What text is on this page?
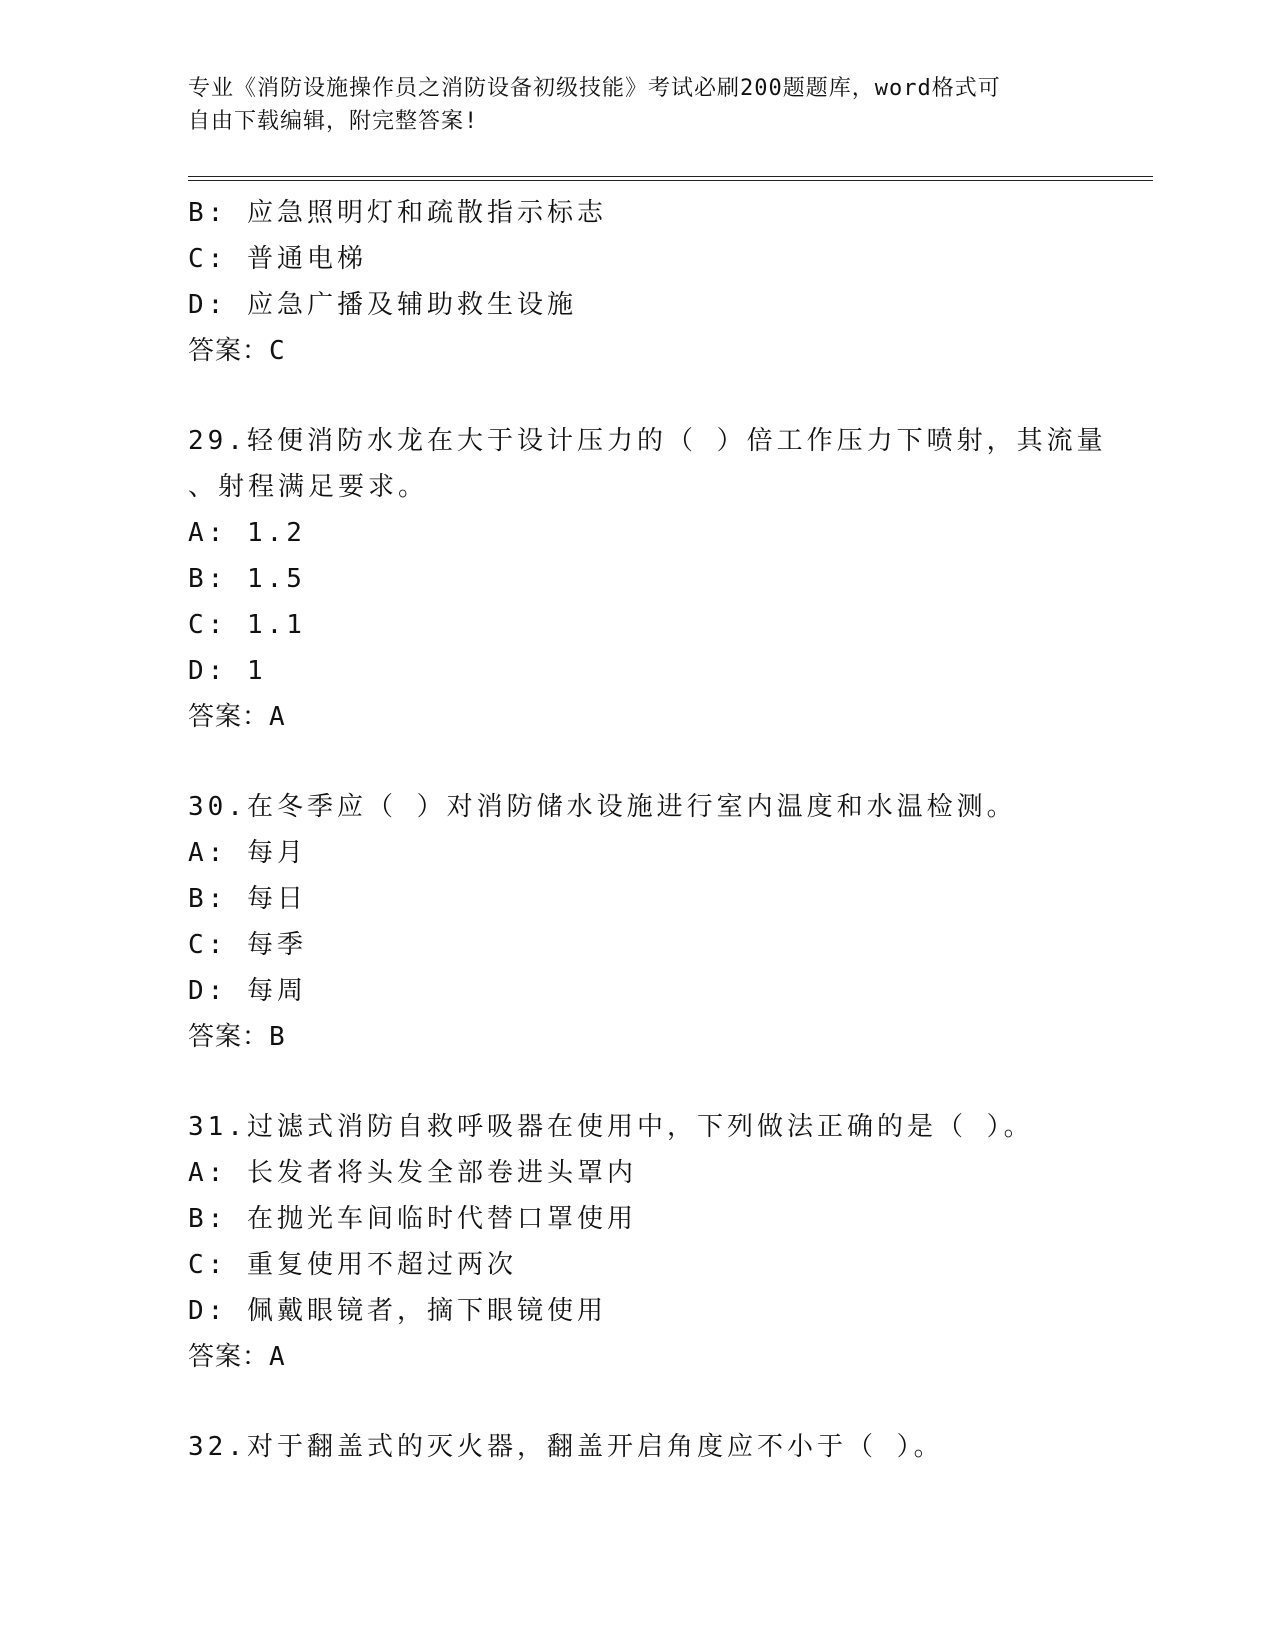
专业《消防设施操作员之消防设备初级技能》考试必刷200题题库，word格式可
自由下载编辑，附完整答案!
B: 应急照明灯和疏散指示标志
C: 普通电梯
D: 应急广播及辅助救生设施
答案：C
29.轻便消防水龙在大于设计压力的（ ）倍工作压力下喷射，其流量
、射程满足要求。
A: 1.2
B: 1.5
C: 1.1
D: 1
答案：A
30.在冬季应（ ）对消防储水设施进行室内温度和水温检测。
A: 每月
B: 每日
C: 每季
D: 每周
答案：B
31.过滤式消防自救呼吸器在使用中，下列做法正确的是（ ）。
A: 长发者将头发全部卷进头罩内
B: 在抛光车间临时代替口罩使用
C: 重复使用不超过两次
D: 佩戴眼镜者，摘下眼镜使用
答案：A
32.对于翻盖式的灭火器，翻盖开启角度应不小于（ ）。
